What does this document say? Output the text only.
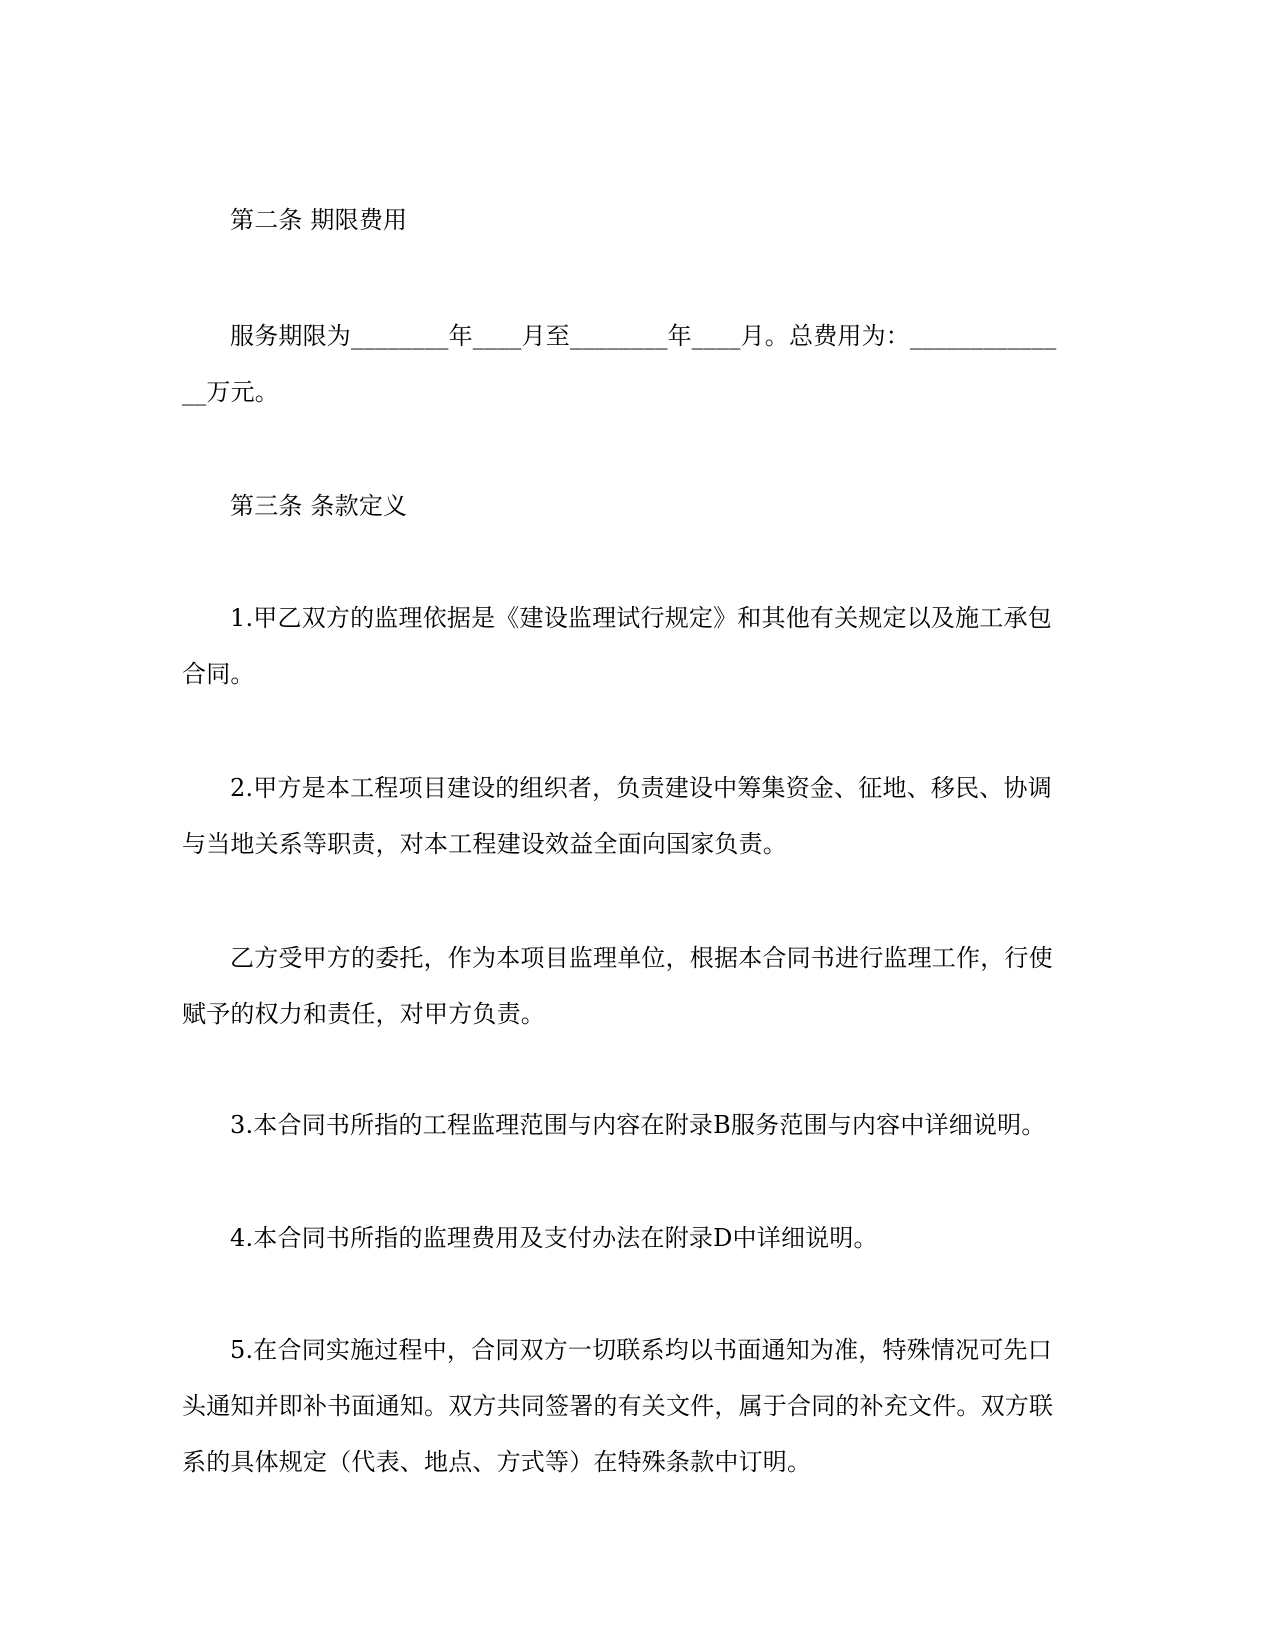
第二条 期限费用
服务期限为________年____月至________年____月。总费用为：____________
__万元。
第三条 条款定义
1.甲乙双方的监理依据是《建设监理试行规定》和其他有关规定以及施工承包合同。
2.甲方是本工程项目建设的组织者，负责建设中筹集资金、征地、移民、协调与当地关系等职责，对本工程建设效益全面向国家负责。
乙方受甲方的委托，作为本项目监理单位，根据本合同书进行监理工作，行使赋予的权力和责任，对甲方负责。
3.本合同书所指的工程监理范围与内容在附录B服务范围与内容中详细说明。
4.本合同书所指的监理费用及支付办法在附录D中详细说明。
5.在合同实施过程中，合同双方一切联系均以书面通知为准，特殊情况可先口头通知并即补书面通知。双方共同签署的有关文件，属于合同的补充文件。双方联系的具体规定（代表、地点、方式等）在特殊条款中订明。
